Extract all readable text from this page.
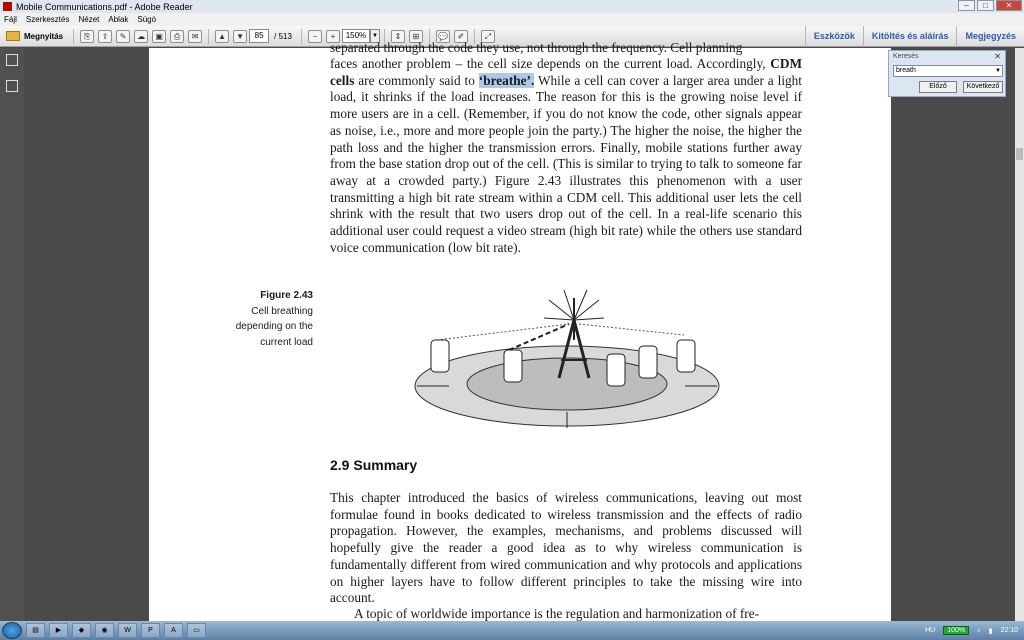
Mobile Communications.pdf - Adobe Reader	–	□	✕
Fájl Szerkesztés Nézet Ablak Súgó
Megnyitás	⎘	⇪	✎	☁	▣	⎙	✉	▲	▼	85	/ 513	−	+	150% ▼	⇕	⊞	💬	✐	⤢	Eszközök	Kitöltés és aláírás	Megjegyzés
separated through the code they use, not through the frequency. Cell planning
faces another problem – the cell size depends on the current load. Accordingly, CDM cells are commonly said to ‘breathe’. While a cell can cover a larger area under a light load, it shrinks if the load increases. The reason for this is the growing noise level if more users are in a cell. (Remember, if you do not know the code, other signals appear as noise, i.e., more and more people join the party.) The higher the noise, the higher the path loss and the higher the transmission errors. Finally, mobile stations further away from the base station drop out of the cell. (This is similar to trying to talk to someone far away at a crowded party.) Figure 2.43 illustrates this phenomenon with a user transmitting a high bit rate stream within a CDM cell. This additional user lets the cell shrink with the result that two users drop out of the cell. In a real-life scenario this additional user could request a video stream (high bit rate) while the others use standard voice communication (low bit rate).
Figure 2.43
Cell breathing depending on the current load
2.9 Summary
This chapter introduced the basics of wireless communications, leaving out most formulae found in books dedicated to wireless transmission and the effects of radio propagation. However, the examples, mechanisms, and problems discussed will hopefully give the reader a good idea as to why wireless communication is fundamentally different from wired communication and why protocols and applications on higher layers have to follow different principles to take the missing wire into account.
A topic of worldwide importance is the regulation and harmonization of fre-
Keresés	✕
breath	▼
Előző	Következő
▤	▶	◆	◉	W	P	A	▭	HU	100%	♪ ▮ 22:10
